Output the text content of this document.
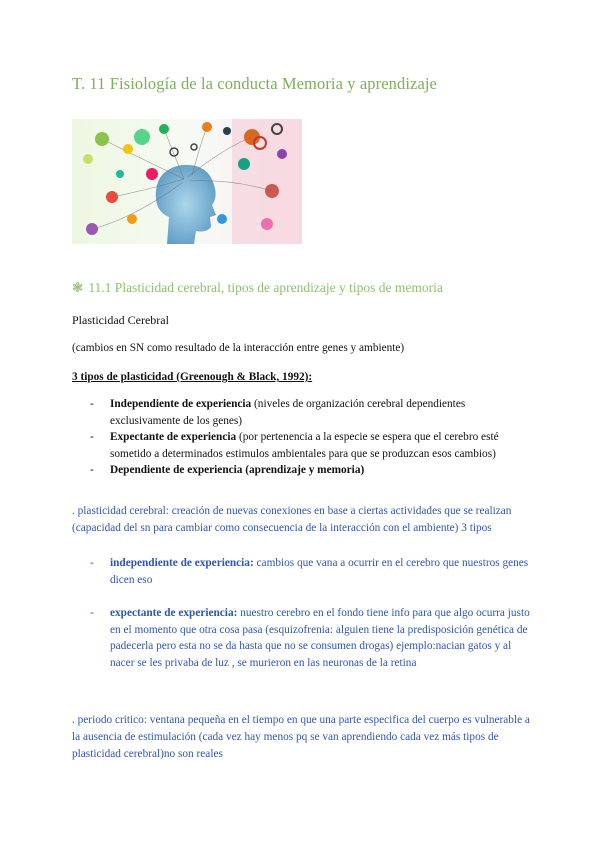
T. 11 Fisiología de la conducta Memoria y aprendizaje
❃ 11.1 Plasticidad cerebral, tipos de aprendizaje y tipos de memoria
Plasticidad Cerebral

(cambios en SN como resultado de la interacción entre genes y ambiente)

3 tipos de plasticidad (Greenough & Black, 1992):

- Independiente de experiencia (niveles de organización cerebral dependientes exclusivamente de los genes)
- Expectante de experiencia (por pertenencia a la especie se espera que el cerebro esté sometido a determinados estimulos ambientales para que se produzcan esos cambios)
- Dependiente de experiencia (aprendizaje y memoria)

. plasticidad cerebral: creación de nuevas conexiones en base a ciertas actividades que se realizan (capacidad del sn para cambiar como consecuencia de la interacción con el ambiente) 3 tipos

- independiente de experiencia: cambios que vana a ocurrir en el cerebro que nuestros genes dicen eso
- expectante de experiencia: nuestro cerebro en el fondo tiene info para que algo ocurra justo en el momento que otra cosa pasa (esquizofrenia: alguien tiene la predisposición genética de padecerla pero esta no se da hasta que no se consumen drogas) ejemplo:nacian gatos y al nacer se les privaba de luz , se murieron en las neuronas de la retina

. periodo critico: ventana pequeña en el tiempo en que una parte especifica del cuerpo es vulnerable a la ausencia de estimulación (cada vez hay menos pq se van aprendiendo cada vez más tipos de plasticidad cerebral)no son reales
